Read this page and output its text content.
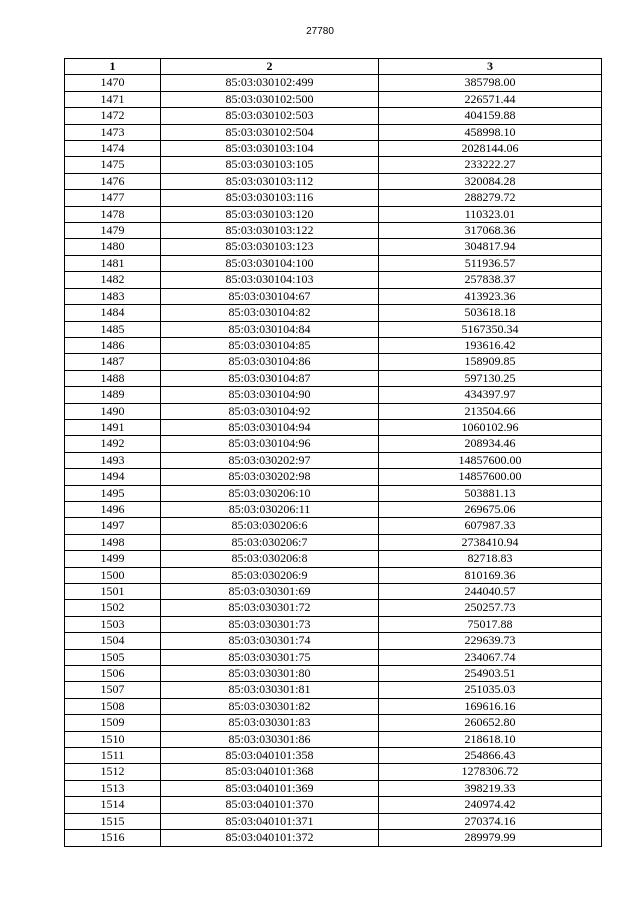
27780
1	2	3
1470	85:03:030102:499	385798.00
1471	85:03:030102:500	226571.44
1472	85:03:030102:503	404159.88
1473	85:03:030102:504	458998.10
1474	85:03:030103:104	2028144.06
1475	85:03:030103:105	233222.27
1476	85:03:030103:112	320084.28
1477	85:03:030103:116	288279.72
1478	85:03:030103:120	110323.01
1479	85:03:030103:122	317068.36
1480	85:03:030103:123	304817.94
1481	85:03:030104:100	511936.57
1482	85:03:030104:103	257838.37
1483	85:03:030104:67	413923.36
1484	85:03:030104:82	503618.18
1485	85:03:030104:84	5167350.34
1486	85:03:030104:85	193616.42
1487	85:03:030104:86	158909.85
1488	85:03:030104:87	597130.25
1489	85:03:030104:90	434397.97
1490	85:03:030104:92	213504.66
1491	85:03:030104:94	1060102.96
1492	85:03:030104:96	208934.46
1493	85:03:030202:97	14857600.00
1494	85:03:030202:98	14857600.00
1495	85:03:030206:10	503881.13
1496	85:03:030206:11	269675.06
1497	85:03:030206:6	607987.33
1498	85:03:030206:7	2738410.94
1499	85:03:030206:8	82718.83
1500	85:03:030206:9	810169.36
1501	85:03:030301:69	244040.57
1502	85:03:030301:72	250257.73
1503	85:03:030301:73	75017.88
1504	85:03:030301:74	229639.73
1505	85:03:030301:75	234067.74
1506	85:03:030301:80	254903.51
1507	85:03:030301:81	251035.03
1508	85:03:030301:82	169616.16
1509	85:03:030301:83	260652.80
1510	85:03:030301:86	218618.10
1511	85:03:040101:358	254866.43
1512	85:03:040101:368	1278306.72
1513	85:03:040101:369	398219.33
1514	85:03:040101:370	240974.42
1515	85:03:040101:371	270374.16
1516	85:03:040101:372	289979.99
